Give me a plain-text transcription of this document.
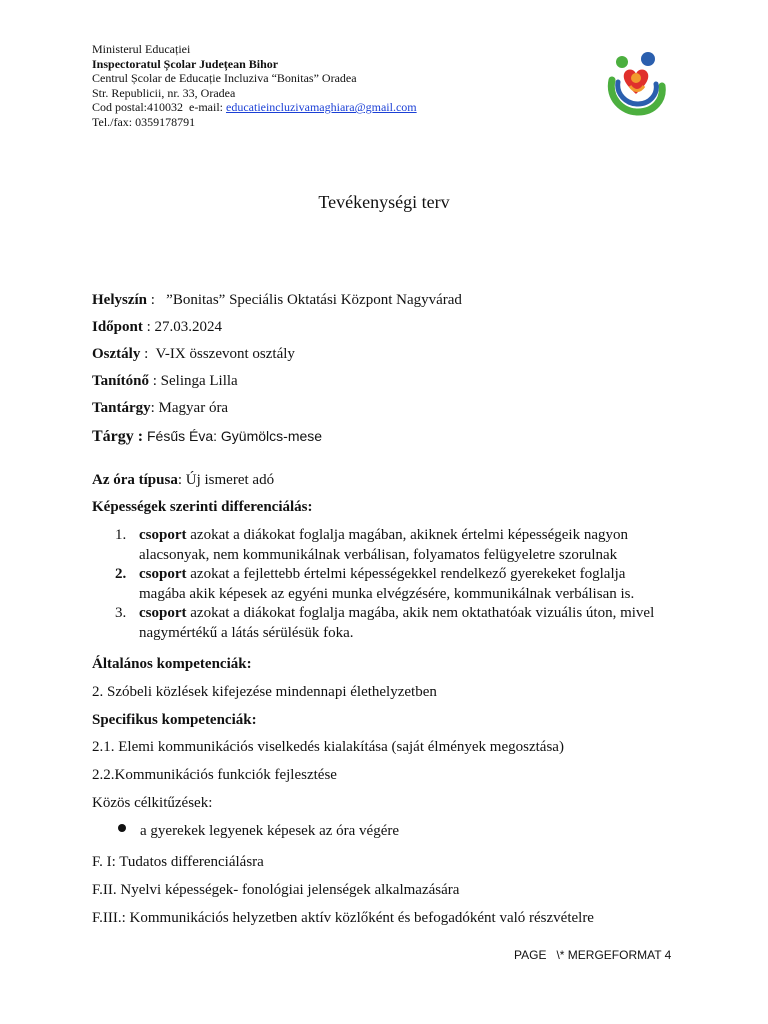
Ministerul Educației
Inspectoratul Școlar Județean Bihor
Centrul Școlar de Educație Incluziva “Bonitas” Oradea
Str. Republicii, nr. 33, Oradea
Cod postal:410032  e-mail: educatieincluzivamaghiara@gmail.com
Tel./fax: 0359178791
Tevékenységi terv
Helyszín :   ”Bonitas” Speciális Oktatási Központ Nagyvárad
Időpont : 27.03.2024
Osztály :  V-IX összevont osztály
Tanítónő : Selinga Lilla
Tantárgy: Magyar óra
Tárgy : Fésűs Éva: Gyümölcs-mese
Az óra típusa: Új ismeret adó
Képességek szerinti differenciálás:
1. csoport azokat a diákokat foglalja magában, akiknek értelmi képességeik nagyon
alacsonyak, nem kommunikálnak verbálisan, folyamatos felügyeletre szorulnak
2. csoport azokat a fejlettebb értelmi képességekkel rendelkező gyerekeket foglalja
magába akik képesek az egyéni munka elvégzésére, kommunikálnak verbálisan is.
3. csoport azokat a diákokat foglalja magába, akik nem oktathatóak vizuális úton, mivel
nagymértékű a látás sérülésük foka.
Általános kompetenciák:
2. Szóbeli közlések kifejezése mindennapi élethelyzetben
Specifikus kompetenciák:
2.1. Elemi kommunikációs viselkedés kialakítása (saját élmények megosztása)
2.2.Kommunikációs funkciók fejlesztése
Közös célkitűzések:
a gyerekek legyenek képesek az óra végére
F. I: Tudatos differenciálásra
F.II. Nyelvi képességek- fonológiai jelenségek alkalmazására
F.III.: Kommunikációs helyzetben aktív közlőként és befogadóként való részvételre
PAGE   \* MERGEFORMAT 4
